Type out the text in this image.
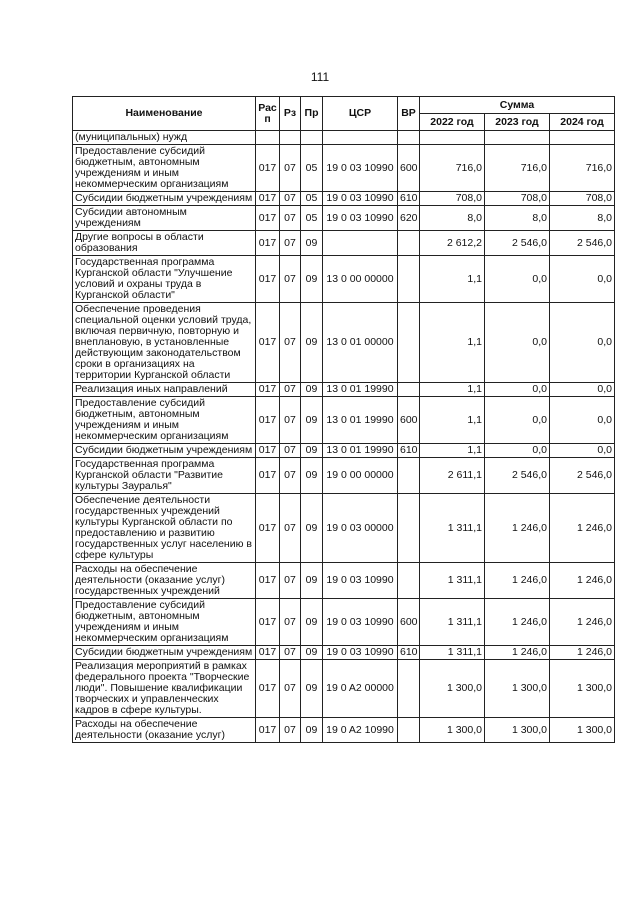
111
Наименование	Рас п	Рз	Пр	ЦСР	ВР	Сумма		
						2022 год	2023 год	2024 год
(муниципальных) нужд								
Предоставление субсидий бюджетным, автономным учреждениям и иным некоммерческим организациям	017	07	05	19 0 03 10990	600	716,0	716,0	716,0
Субсидии бюджетным учреждениям	017	07	05	19 0 03 10990	610	708,0	708,0	708,0
Субсидии автономным учреждениям	017	07	05	19 0 03 10990	620	8,0	8,0	8,0
Другие вопросы в области образования	017	07	09			2 612,2	2 546,0	2 546,0
Государственная программа Курганской области "Улучшение условий и охраны труда в Курганской области"	017	07	09	13 0 00 00000		1,1	0,0	0,0
Обеспечение проведения специальной оценки условий труда, включая первичную, повторную и внеплановую, в установленные действующим законодательством сроки в организациях на территории Курганской области	017	07	09	13 0 01 00000		1,1	0,0	0,0
Реализация иных направлений	017	07	09	13 0 01 19990		1,1	0,0	0,0
Предоставление субсидий бюджетным, автономным учреждениям и иным некоммерческим организациям	017	07	09	13 0 01 19990	600	1,1	0,0	0,0
Субсидии бюджетным учреждениям	017	07	09	13 0 01 19990	610	1,1	0,0	0,0
Государственная программа Курганской области "Развитие культуры Зауралья"	017	07	09	19 0 00 00000		2 611,1	2 546,0	2 546,0
Обеспечение деятельности государственных учреждений культуры Курганской области по предоставлению и развитию государственных услуг населению в сфере культуры	017	07	09	19 0 03 00000		1 311,1	1 246,0	1 246,0
Расходы на обеспечение деятельности (оказание услуг) государственных учреждений	017	07	09	19 0 03 10990		1 311,1	1 246,0	1 246,0
Предоставление субсидий бюджетным, автономным учреждениям и иным некоммерческим организациям	017	07	09	19 0 03 10990	600	1 311,1	1 246,0	1 246,0
Субсидии бюджетным учреждениям	017	07	09	19 0 03 10990	610	1 311,1	1 246,0	1 246,0
Реализация мероприятий в рамках федерального проекта "Творческие люди". Повышение квалификации творческих и управленческих кадров в сфере культуры.	017	07	09	19 0 A2 00000		1 300,0	1 300,0	1 300,0
Расходы на обеспечение деятельности (оказание услуг)	017	07	09	19 0 A2 10990		1 300,0	1 300,0	1 300,0
